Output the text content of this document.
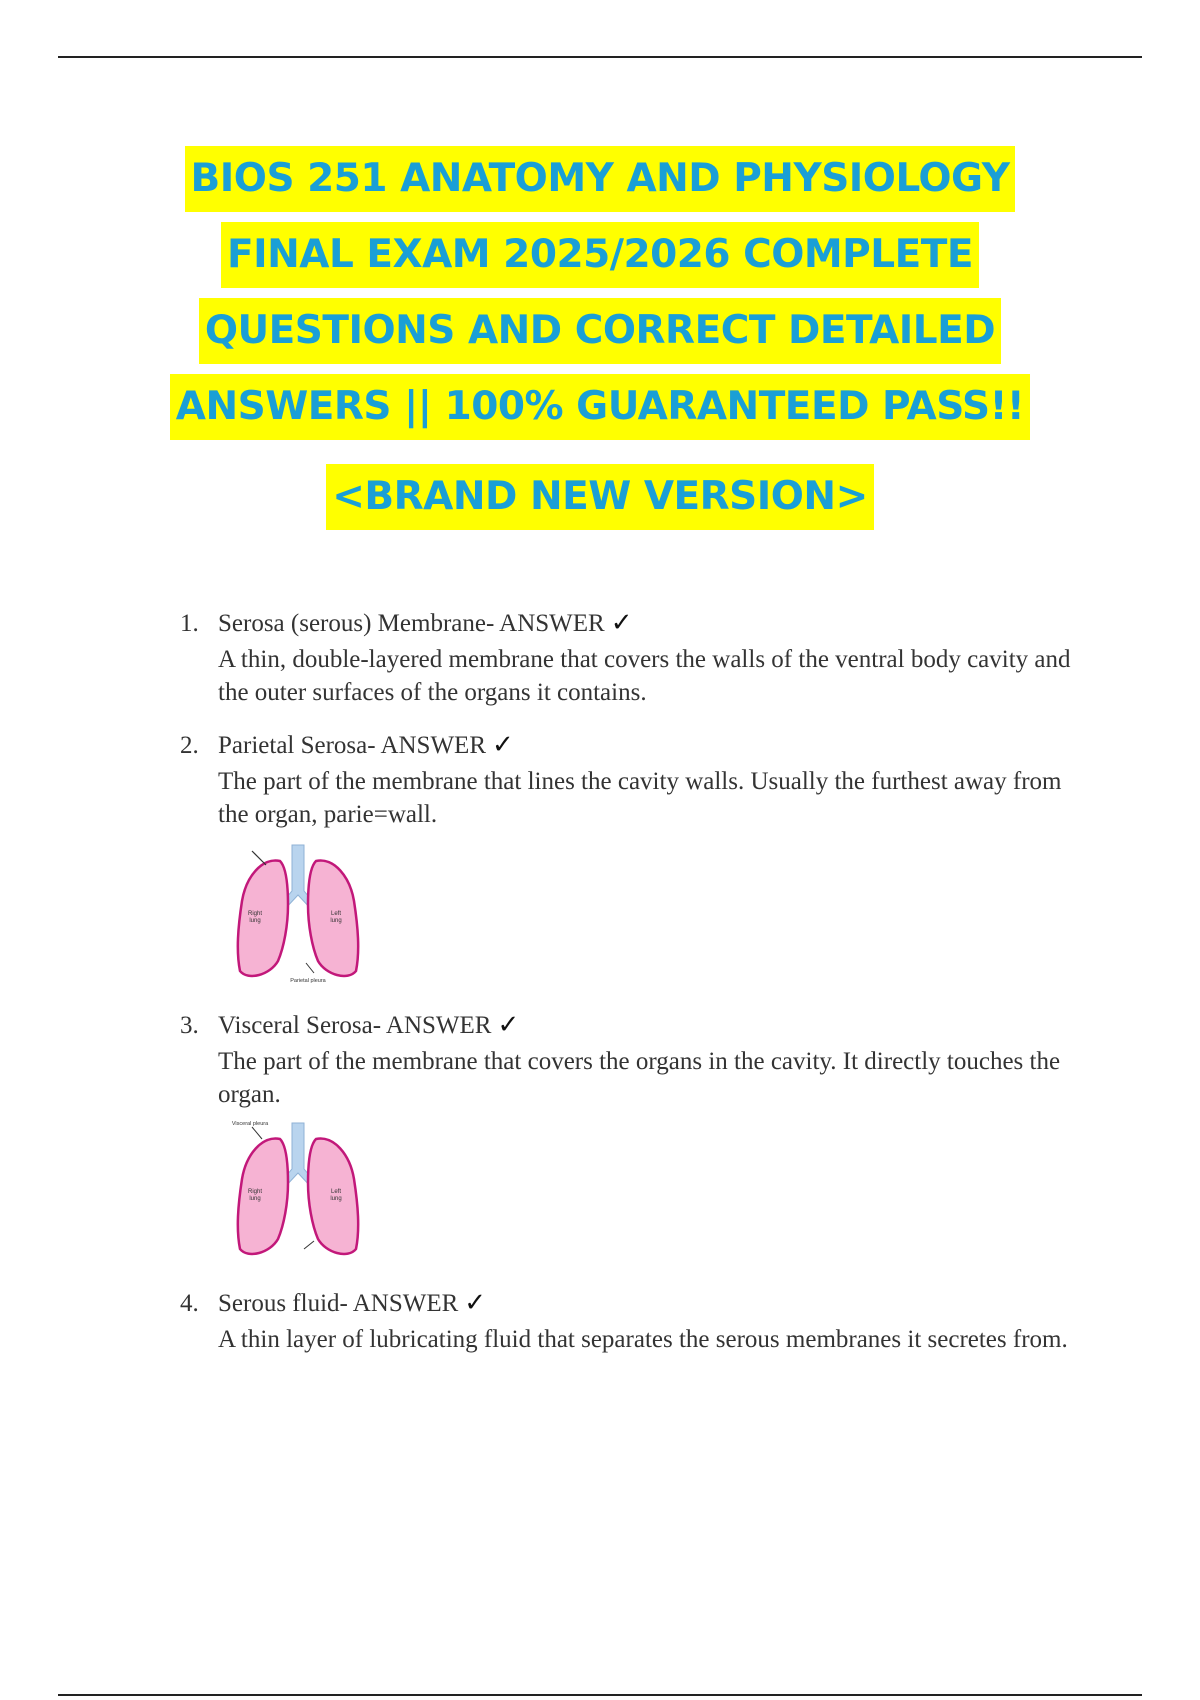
BIOS 251 ANATOMY AND PHYSIOLOGY
FINAL EXAM 2025/2026 COMPLETE
QUESTIONS AND CORRECT DETAILED
ANSWERS || 100% GUARANTEED PASS!!
<BRAND NEW VERSION>
1. Serosa (serous) Membrane- ANSWER ✓
A thin, double-layered membrane that covers the walls of the ventral body cavity and the outer surfaces of the organs it contains.
2. Parietal Serosa- ANSWER ✓
The part of the membrane that lines the cavity walls. Usually the furthest away from the organ, parie=wall.
Right
lung
Left
lung
Parietal pleura
3. Visceral Serosa- ANSWER ✓
The part of the membrane that covers the organs in the cavity. It directly touches the organ.
Visceral pleura
Right
lung
Left
lung
4. Serous fluid- ANSWER ✓
A thin layer of lubricating fluid that separates the serous membranes it secretes from.
